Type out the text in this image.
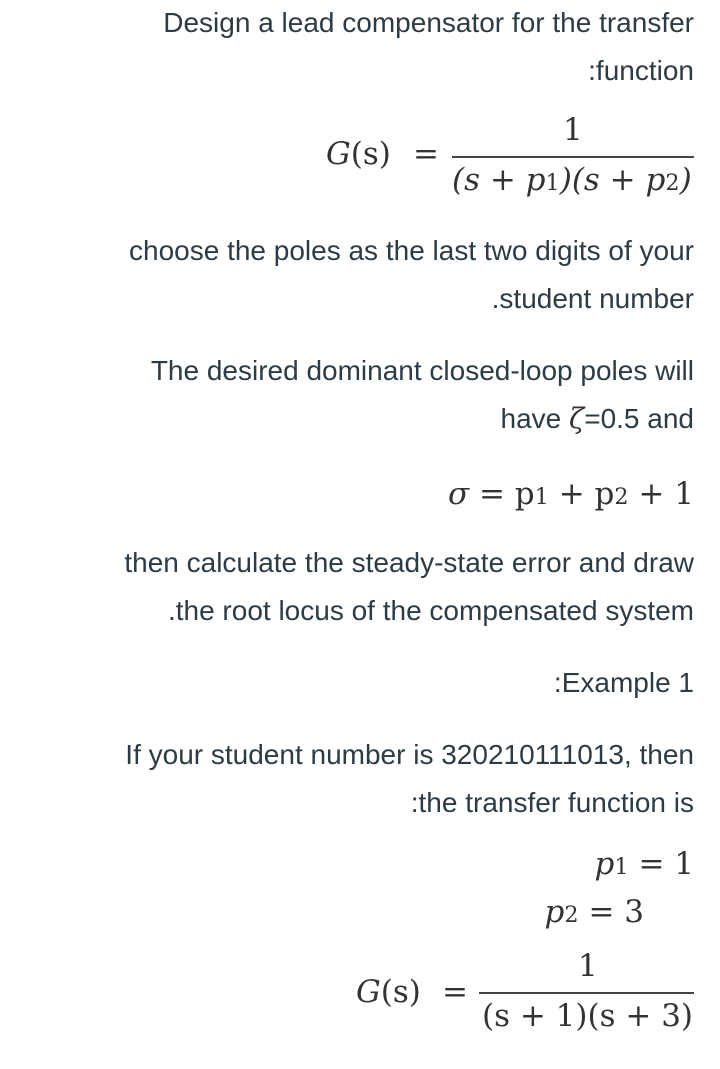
Design a lead compensator for the transfer
:function
G(s) =
1
(s + p1)(s + p2)
choose the poles as the last two digits of your
.student number
The desired dominant closed-loop poles will
have ζ=0.5 and
σ = p1 + p2 + 1
then calculate the steady-state error and draw
.the root locus of the compensated system
:Example 1
If your student number is 320210111013, then
:the transfer function is
p1 = 1
p2 = 3
G(s) =
1
(s + 1)(s + 3)
